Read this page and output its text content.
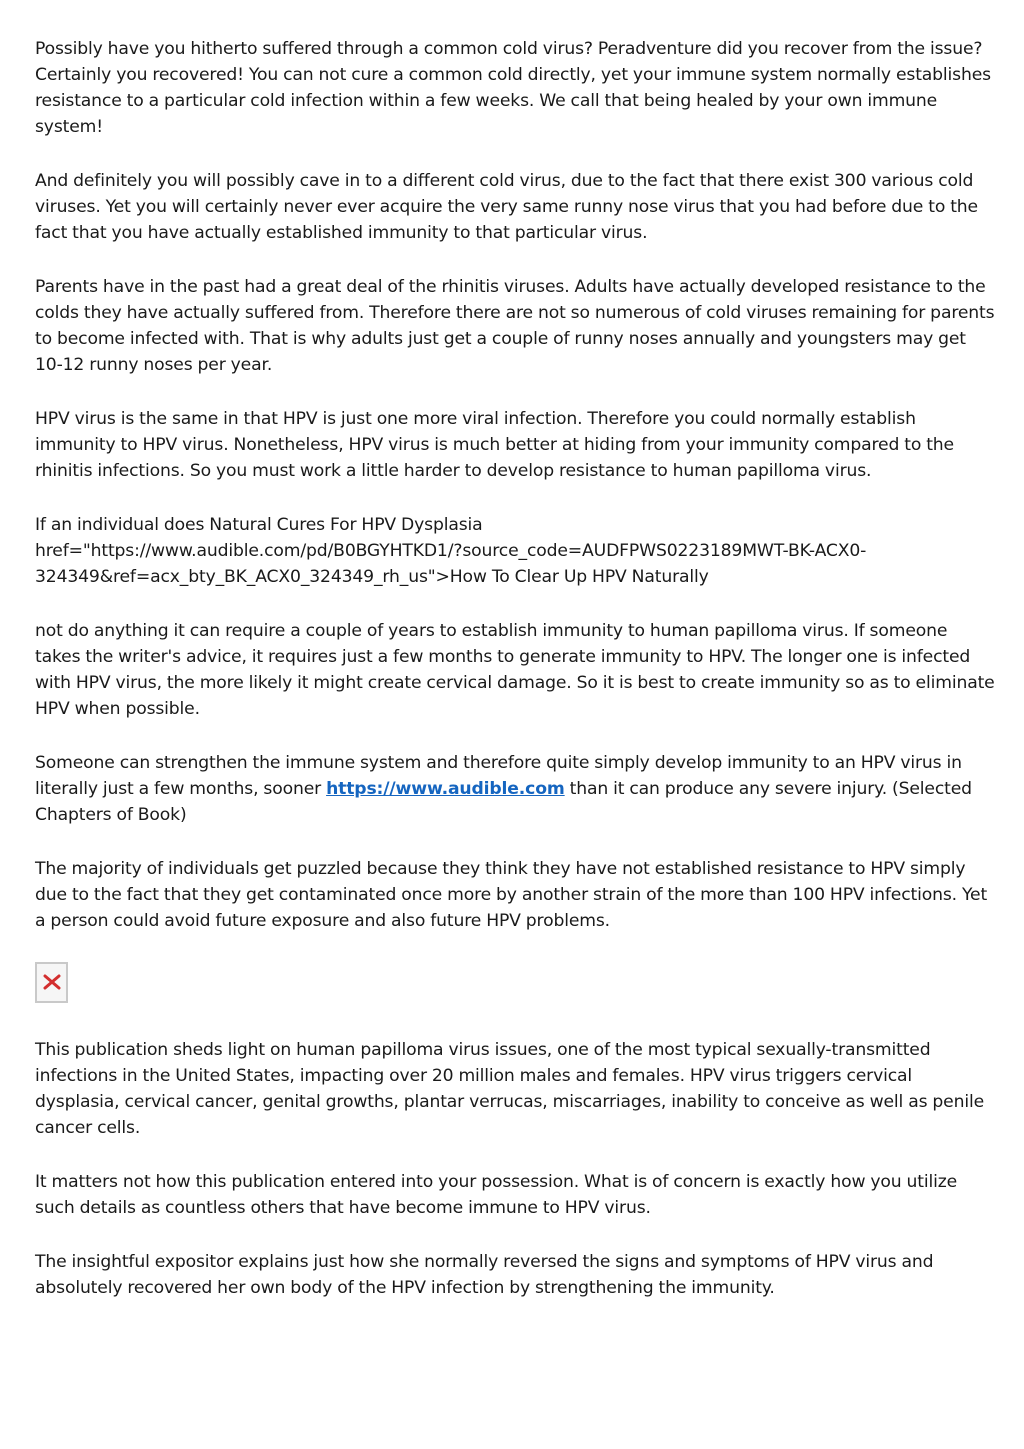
Possibly have you hitherto suffered through a common cold virus? Peradventure did you recover from the issue? Certainly you recovered! You can not cure a common cold directly, yet your immune system normally establishes resistance to a particular cold infection within a few weeks. We call that being healed by your own immune system!

And definitely you will possibly cave in to a different cold virus, due to the fact that there exist 300 various cold viruses. Yet you will certainly never ever acquire the very same runny nose virus that you had before due to the fact that you have actually established immunity to that particular virus.

Parents have in the past had a great deal of the rhinitis viruses. Adults have actually developed resistance to the colds they have actually suffered from. Therefore there are not so numerous of cold viruses remaining for parents to become infected with. That is why adults just get a couple of runny noses annually and youngsters may get 10-12 runny noses per year.

HPV virus is the same in that HPV is just one more viral infection. Therefore you could normally establish immunity to HPV virus. Nonetheless, HPV virus is much better at hiding from your immunity compared to the rhinitis infections. So you must work a little harder to develop resistance to human papilloma virus.

If an individual does Natural Cures For HPV Dysplasia
href="https://www.audible.com/pd/B0BGYHTKD1/?source_code=AUDFPWS0223189MWT-BK-ACX0-324349&ref=acx_bty_BK_ACX0_324349_rh_us">How To Clear Up HPV Naturally

not do anything it can require a couple of years to establish immunity to human papilloma virus. If someone takes the writer's advice, it requires just a few months to generate immunity to HPV. The longer one is infected with HPV virus, the more likely it might create cervical damage. So it is best to create immunity so as to eliminate HPV when possible.

Someone can strengthen the immune system and therefore quite simply develop immunity to an HPV virus in literally just a few months, sooner https://www.audible.com than it can produce any severe injury. (Selected Chapters of Book)

The majority of individuals get puzzled because they think they have not established resistance to HPV simply due to the fact that they get contaminated once more by another strain of the more than 100 HPV infections. Yet a person could avoid future exposure and also future HPV problems.

This publication sheds light on human papilloma virus issues, one of the most typical sexually-transmitted infections in the United States, impacting over 20 million males and females. HPV virus triggers cervical dysplasia, cervical cancer, genital growths, plantar verrucas, miscarriages, inability to conceive as well as penile cancer cells.

It matters not how this publication entered into your possession. What is of concern is exactly how you utilize such details as countless others that have become immune to HPV virus.

The insightful expositor explains just how she normally reversed the signs and symptoms of HPV virus and absolutely recovered her own body of the HPV infection by strengthening the immunity.
